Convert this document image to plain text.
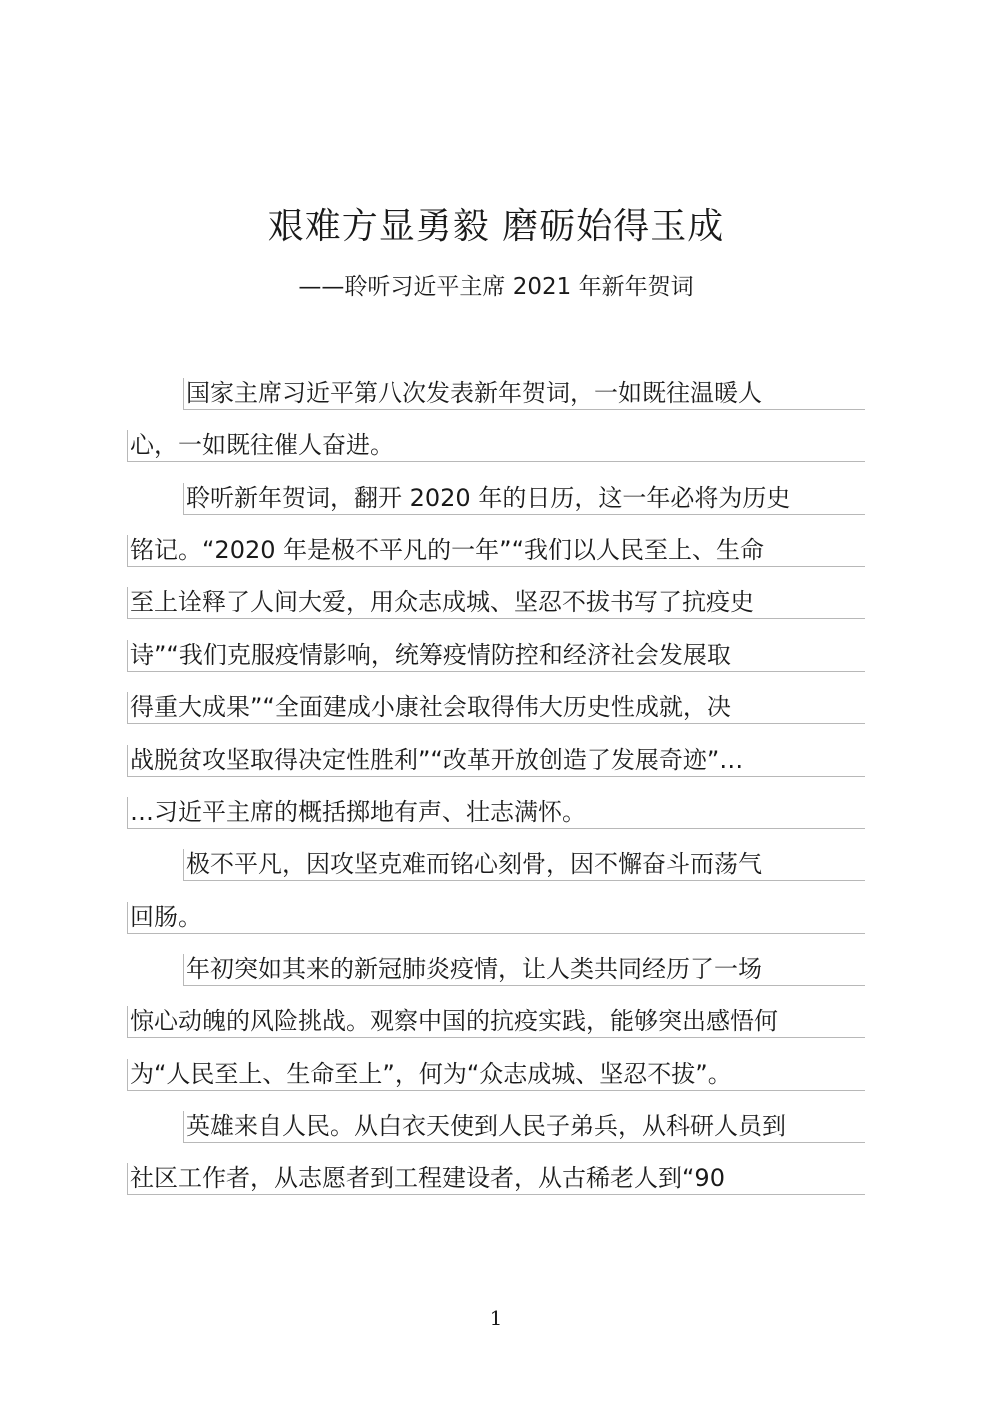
艰难方显勇毅 磨砺始得玉成
——聆听习近平主席 2021 年新年贺词
国家主席习近平第八次发表新年贺词，一如既往温暖人
心，一如既往催人奋进。
聆听新年贺词，翻开 2020 年的日历，这一年必将为历史
铭记。“2020 年是极不平凡的一年”“我们以人民至上、生命
至上诠释了人间大爱，用众志成城、坚忍不拔书写了抗疫史
诗”“我们克服疫情影响，统筹疫情防控和经济社会发展取
得重大成果”“全面建成小康社会取得伟大历史性成就，决
战脱贫攻坚取得决定性胜利”“改革开放创造了发展奇迹”…
…习近平主席的概括掷地有声、壮志满怀。
极不平凡，因攻坚克难而铭心刻骨，因不懈奋斗而荡气
回肠。
年初突如其来的新冠肺炎疫情，让人类共同经历了一场
惊心动魄的风险挑战。观察中国的抗疫实践，能够突出感悟何
为“人民至上、生命至上”，何为“众志成城、坚忍不拔”。
英雄来自人民。从白衣天使到人民子弟兵，从科研人员到
社区工作者，从志愿者到工程建设者，从古稀老人到“90
1
